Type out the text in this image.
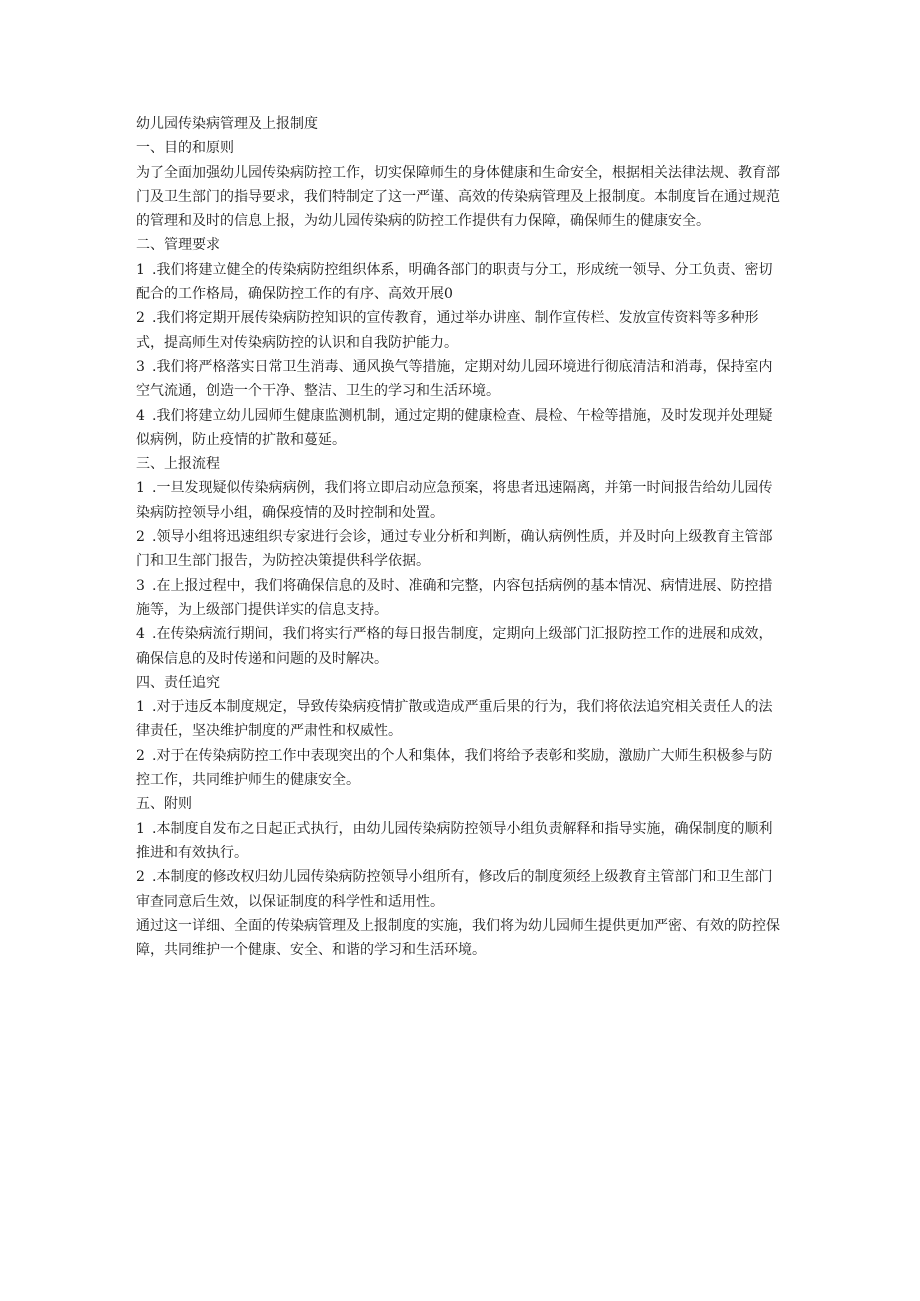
幼儿园传染病管理及上报制度

一、目的和原则

为了全面加强幼儿园传染病防控工作，切实保障师生的身体健康和生命安全，根据相关法律法规、教育部门及卫生部门的指导要求，我们特制定了这一严谨、高效的传染病管理及上报制度。本制度旨在通过规范的管理和及时的信息上报，为幼儿园传染病的防控工作提供有力保障，确保师生的健康安全。

二、管理要求

1 .我们将建立健全的传染病防控组织体系，明确各部门的职责与分工，形成统一领导、分工负责、密切配合的工作格局，确保防控工作的有序、高效开展0

2 .我们将定期开展传染病防控知识的宣传教育，通过举办讲座、制作宣传栏、发放宣传资料等多种形式，提高师生对传染病防控的认识和自我防护能力。

3 .我们将严格落实日常卫生消毒、通风换气等措施，定期对幼儿园环境进行彻底清洁和消毒，保持室内空气流通，创造一个干净、整洁、卫生的学习和生活环境。

4 .我们将建立幼儿园师生健康监测机制，通过定期的健康检查、晨检、午检等措施，及时发现并处理疑似病例，防止疫情的扩散和蔓延。

三、上报流程

1 .一旦发现疑似传染病病例，我们将立即启动应急预案，将患者迅速隔离，并第一时间报告给幼儿园传染病防控领导小组，确保疫情的及时控制和处置。

2 .领导小组将迅速组织专家进行会诊，通过专业分析和判断，确认病例性质，并及时向上级教育主管部门和卫生部门报告，为防控决策提供科学依据。

3 .在上报过程中，我们将确保信息的及时、准确和完整，内容包括病例的基本情况、病情进展、防控措施等，为上级部门提供详实的信息支持。

4 .在传染病流行期间，我们将实行严格的每日报告制度，定期向上级部门汇报防控工作的进展和成效，确保信息的及时传递和问题的及时解决。

四、责任追究

1 .对于违反本制度规定，导致传染病疫情扩散或造成严重后果的行为，我们将依法追究相关责任人的法律责任，坚决维护制度的严肃性和权威性。

2 .对于在传染病防控工作中表现突出的个人和集体，我们将给予表彰和奖励，激励广大师生积极参与防控工作，共同维护师生的健康安全。

五、附则

1 .本制度自发布之日起正式执行，由幼儿园传染病防控领导小组负责解释和指导实施，确保制度的顺利推进和有效执行。

2 .本制度的修改权归幼儿园传染病防控领导小组所有，修改后的制度须经上级教育主管部门和卫生部门审查同意后生效，以保证制度的科学性和适用性。

通过这一详细、全面的传染病管理及上报制度的实施，我们将为幼儿园师生提供更加严密、有效的防控保障，共同维护一个健康、安全、和谐的学习和生活环境。
